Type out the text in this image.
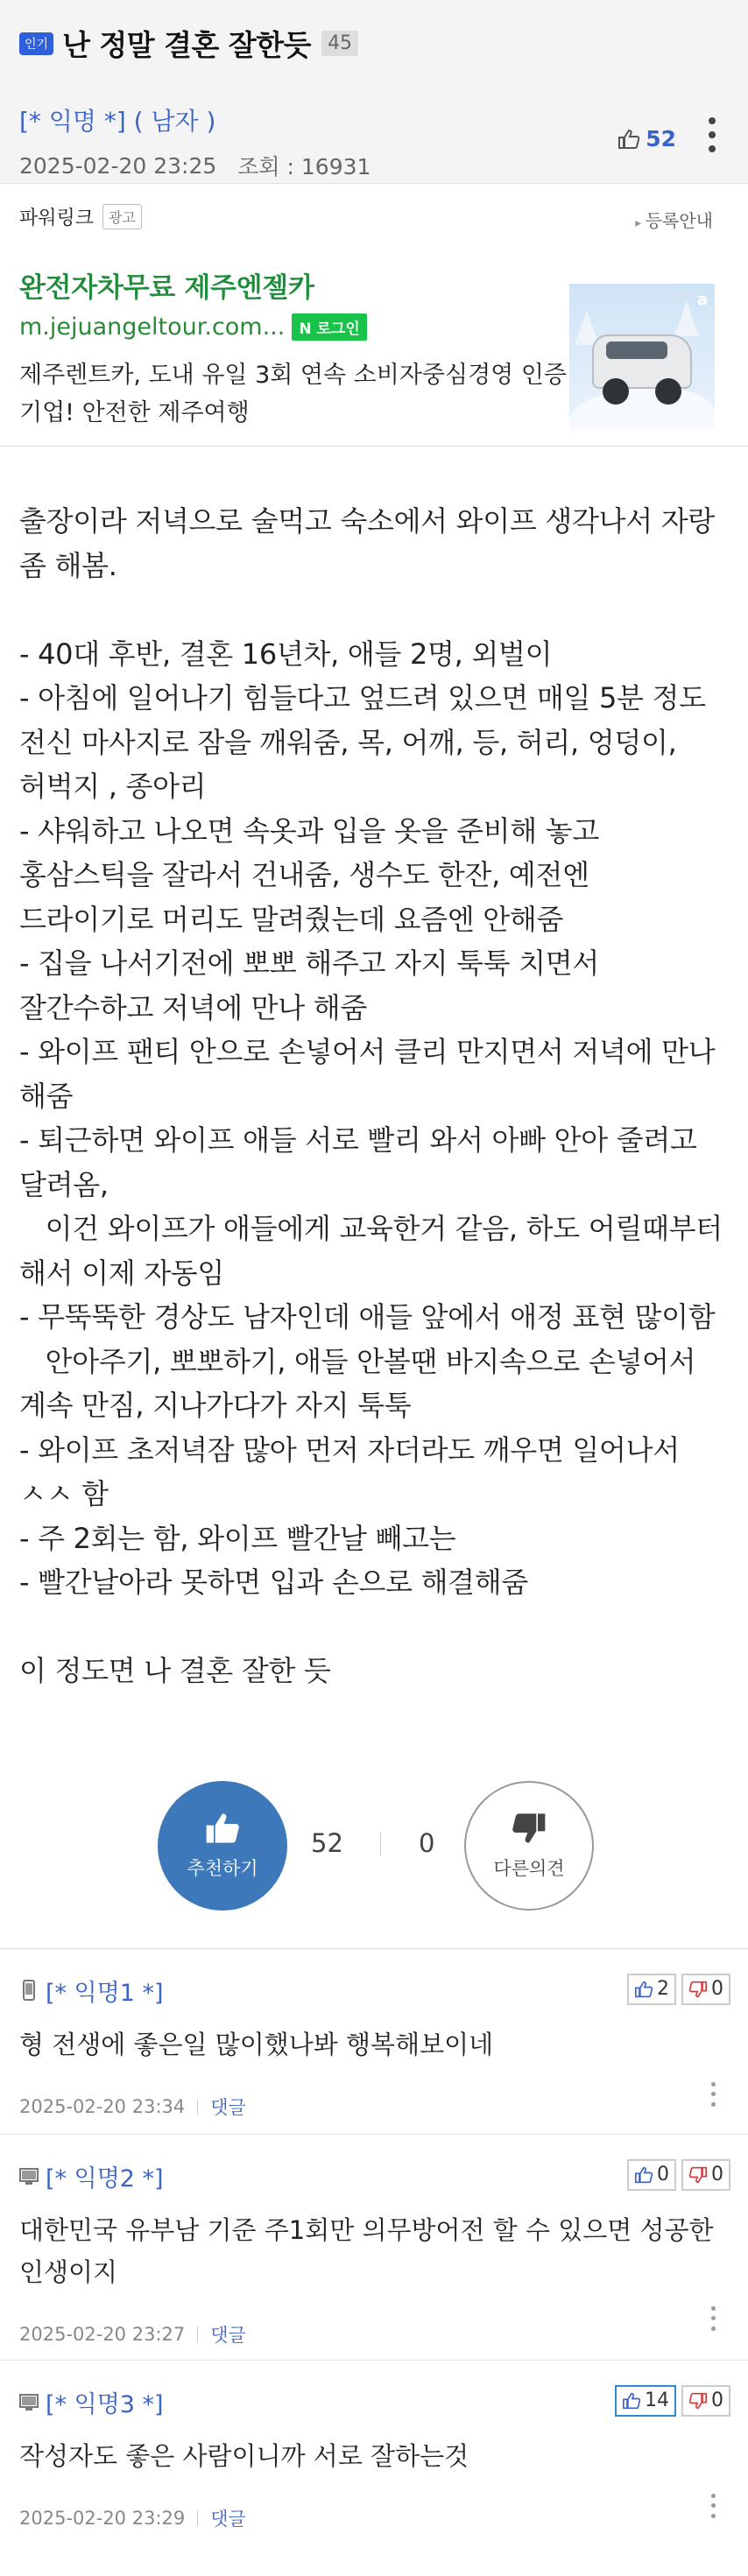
인기 난 정말 결혼 잘한듯 45
[* 익명 *] ( 남자 )
2025-02-20 23:25 조회 : 16931
52
파워링크	광고
▸	등록안내
완전자차무료 제주엔젤카
m.jejuangeltour.com... N 로그인
제주렌트카, 도내 유일 3회 연속 소비자중심경영 인증 기업! 안전한 제주여행
a

출장이라 저녁으로 술먹고 숙소에서 와이프 생각나서 자랑 좀 해봄.

- 40대 후반, 결혼 16년차, 애들 2명, 외벌이
- 아침에 일어나기 힘들다고 엎드려 있으면 매일 5분 정도 전신 마사지로 잠을 깨워줌, 목, 어깨, 등, 허리, 엉덩이, 허벅지 , 종아리
- 샤워하고 나오면 속옷과 입을 옷을 준비해 놓고 홍삼스틱을 잘라서 건내줌, 생수도 한잔, 예전엔 드라이기로 머리도 말려줬는데 요즘엔 안해줌
- 집을 나서기전에 뽀뽀 해주고 자지 툭툭 치면서 잘간수하고 저녁에 만나 해줌
- 와이프 팬티 안으로 손넣어서 클리 만지면서 저녁에 만나 해줌
- 퇴근하면 와이프 애들 서로 빨리 와서 아빠 안아 줄려고 달려옴,
이건 와이프가 애들에게 교육한거 같음, 하도 어릴때부터 해서 이제 자동임
- 무뚝뚝한 경상도 남자인데 애들 앞에서 애정 표현 많이함
안아주기, 뽀뽀하기, 애들 안볼땐 바지속으로 손넣어서 계속 만짐, 지나가다가 자지 툭툭
- 와이프 초저녁잠 많아 먼저 자더라도 깨우면 일어나서 ㅅㅅ 함
- 주 2회는 함, 와이프 빨간날 빼고는
- 빨간날아라 못하면 입과 손으로 해결해줌

이 정도면 나 결혼 잘한 듯

추천하기
52	0
다른의견
[* 익명1 *]	2 0
형 전생에 좋은일 많이했나봐 행복해보이네
2025-02-20 23:34 댓글
[* 익명2 *]	0 0
대한민국 유부남 기준 주1회만 의무방어전 할 수 있으면 성공한 인생이지
2025-02-20 23:27 댓글
[* 익명3 *]	14 0
작성자도 좋은 사람이니까 서로 잘하는것
2025-02-20 23:29 댓글
